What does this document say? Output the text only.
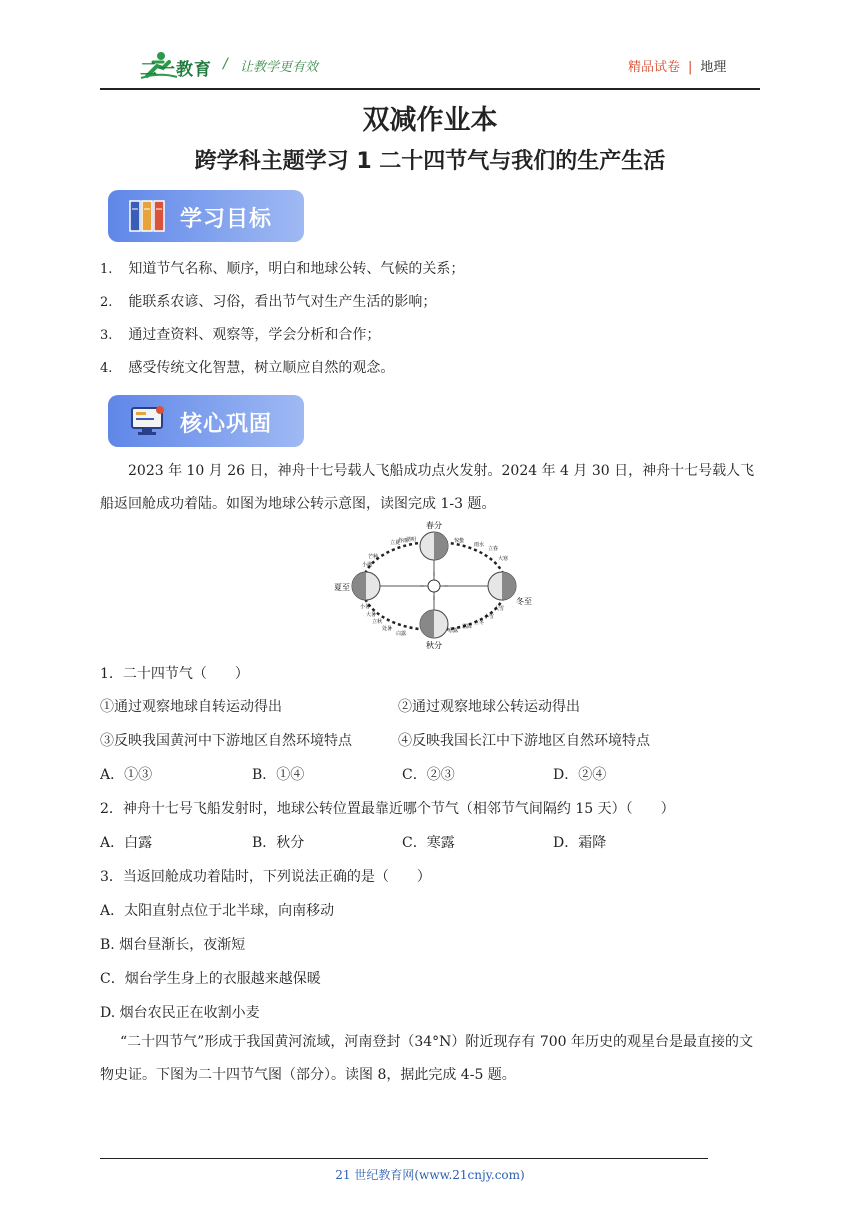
二一教育 / 让教学更有效	精品试卷 | 地理
双减作业本
跨学科主题学习 1 二十四节气与我们的生产生活
学习目标
1. 知道节气名称、顺序，明白和地球公转、气候的关系；
2. 能联系农谚、习俗，看出节气对生产生活的影响；
3. 通过查资料、观察等，学会分析和合作；
4. 感受传统文化智慧，树立顺应自然的观念。
核心巩固
2023 年 10 月 26 日，神舟十七号载人飞船成功点火发射。2024 年 4 月 30 日，神舟十七号载人飞船返回舱成功着陆。如图为地球公转示意图，读图完成 1-3 题。
春分
秋分
夏至
冬至
立夏
谷雨
清明
芒种
小满
惊蛰
雨水
立春
大寒
小暑
大暑
立秋
处暑
白露
大雪
小雪
立冬
霜降
寒露
1．二十四节气（　　）
①通过观察地球自转运动得出	②通过观察地球公转运动得出
③反映我国黄河中下游地区自然环境特点	④反映我国长江中下游地区自然环境特点
A．①③	B．①④	C．②③	D．②④
2．神舟十七号飞船发射时，地球公转位置最靠近哪个节气（相邻节气间隔约 15 天）（　　）
A．白露	B．秋分	C．寒露	D．霜降
3．当返回舱成功着陆时，下列说法正确的是（　　）
A．太阳直射点位于北半球，向南移动
B. 烟台昼渐长，夜渐短
C．烟台学生身上的衣服越来越保暖
D. 烟台农民正在收割小麦
“二十四节气”形成于我国黄河流域，河南登封（34°N）附近现存有 700 年历史的观星台是最直接的文物史证。下图为二十四节气图（部分）。读图 8，据此完成 4-5 题。
21 世纪教育网(www.21cnjy.com)
